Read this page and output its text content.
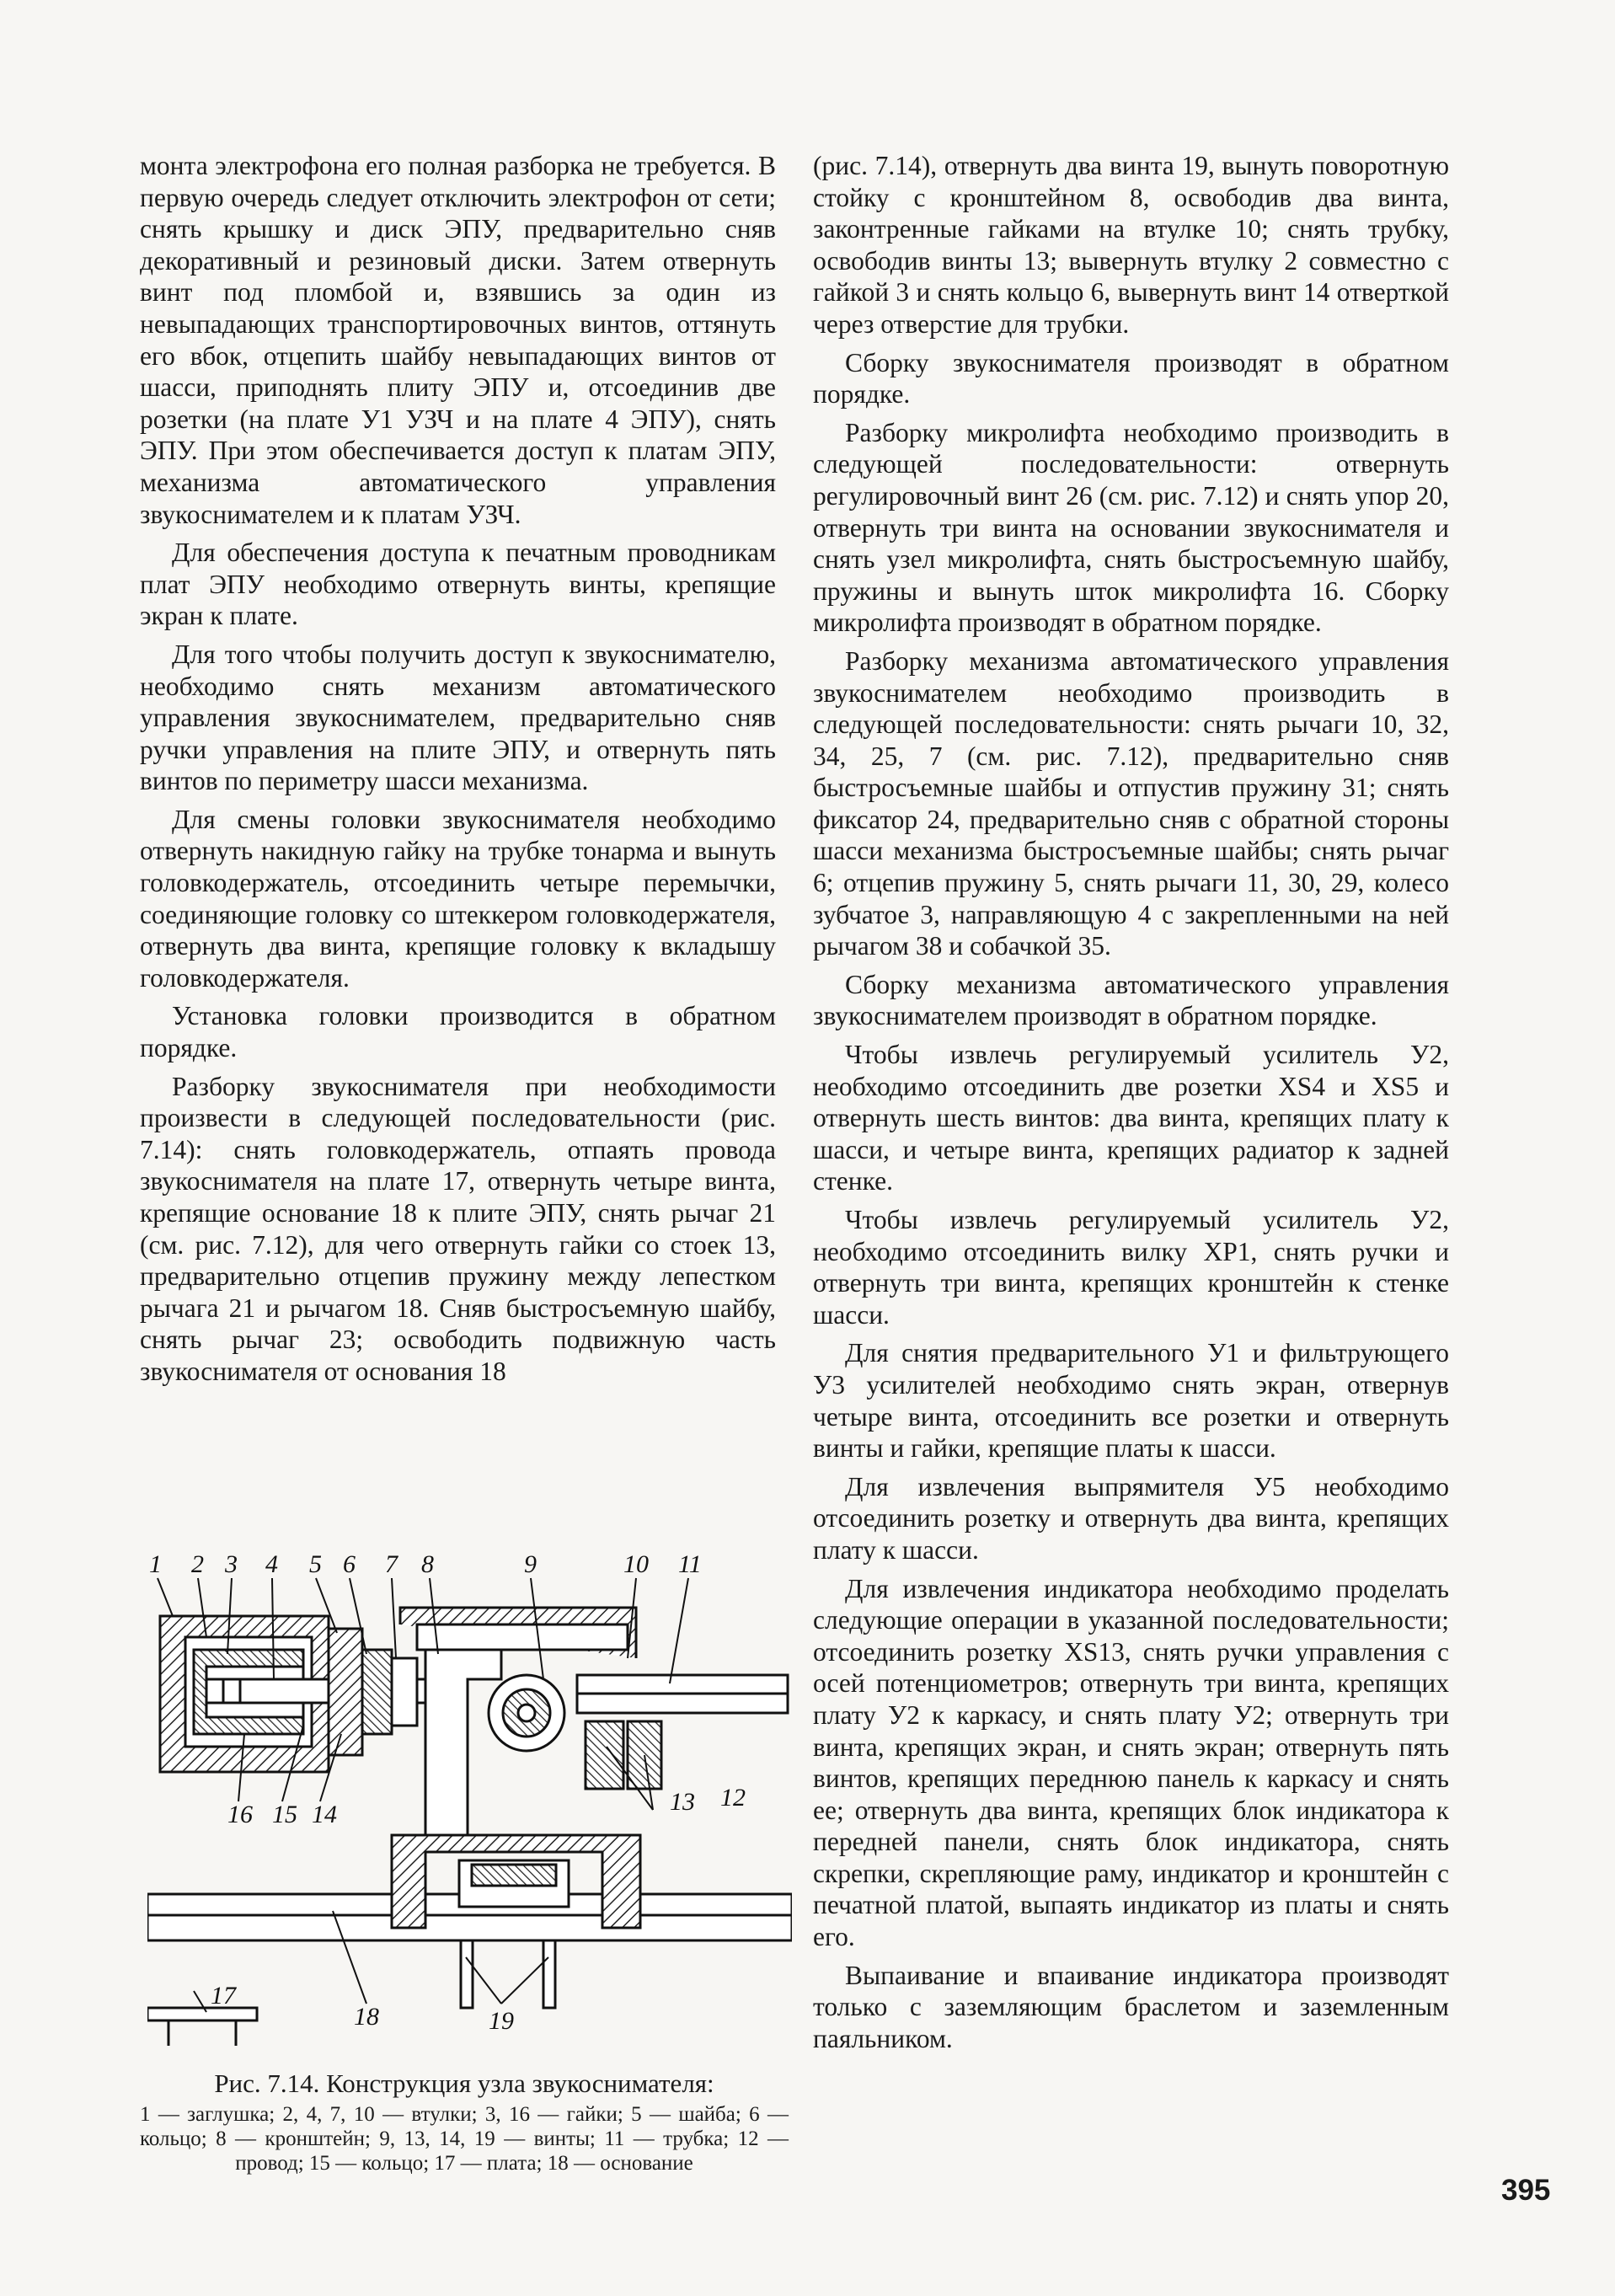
монта электрофона его полная разборка не требуется. В первую очередь следует отключить электрофон от сети; снять крышку и диск ЭПУ, предварительно сняв декоративный и резиновый диски. Затем отвернуть винт под пломбой и, взявшись за один из невыпадающих транспортировочных винтов, оттянуть его вбок, отцепить шайбу невыпадающих винтов от шасси, приподнять плиту ЭПУ и, отсоединив две розетки (на плате У1 УЗЧ и на плате 4 ЭПУ), снять ЭПУ. При этом обеспечивается доступ к платам ЭПУ, механизма автоматического управления звукоснимателем и к платам УЗЧ.

Для обеспечения доступа к печатным проводникам плат ЭПУ необходимо отвернуть винты, крепящие экран к плате.

Для того чтобы получить доступ к звукоснимателю, необходимо снять механизм автоматического управления звукоснимателем, предварительно сняв ручки управления на плите ЭПУ, и отвернуть пять винтов по периметру шасси механизма.

Для смены головки звукоснимателя необходимо отвернуть накидную гайку на трубке тонарма и вынуть головкодержатель, отсоединить четыре перемычки, соединяющие головку со штеккером головкодержателя, отвернуть два винта, крепящие головку к вкладышу головкодержателя.

Установка головки производится в обратном порядке.

Разборку звукоснимателя при необходимости произвести в следующей последовательности (рис. 7.14): снять головкодержатель, отпаять провода звукоснимателя на плате 17, отвернуть четыре винта, крепящие основание 18 к плите ЭПУ, снять рычаг 21 (см. рис. 7.12), для чего отвернуть гайки со стоек 13, предварительно отцепив пружину между лепестком рычага 21 и рычагом 18. Сняв быстросъемную шайбу, снять рычаг 23; освободить подвижную часть звукоснимателя от основания 18

(рис. 7.14), отвернуть два винта 19, вынуть поворотную стойку с кронштейном 8, освободив два винта, законтренные гайками на втулке 10; снять трубку, освободив винты 13; вывернуть втулку 2 совместно с гайкой 3 и снять кольцо 6, вывернуть винт 14 отверткой через отверстие для трубки.

Сборку звукоснимателя производят в обратном порядке.

Разборку микролифта необходимо производить в следующей последовательности: отвернуть регулировочный винт 26 (см. рис. 7.12) и снять упор 20, отвернуть три винта на основании звукоснимателя и снять узел микролифта, снять быстросъемную шайбу, пружины и вынуть шток микролифта 16. Сборку микролифта производят в обратном порядке.

Разборку механизма автоматического управления звукоснимателем необходимо производить в следующей последовательности: снять рычаги 10, 32, 34, 25, 7 (см. рис. 7.12), предварительно сняв быстросъемные шайбы и отпустив пружину 31; снять фиксатор 24, предварительно сняв с обратной стороны шасси механизма быстросъемные шайбы; снять рычаг 6; отцепив пружину 5, снять рычаги 11, 30, 29, колесо зубчатое 3, направляющую 4 с закрепленными на ней рычагом 38 и собачкой 35.

Сборку механизма автоматического управления звукоснимателем производят в обратном порядке.

Чтобы извлечь регулируемый усилитель У2, необходимо отсоединить две розетки XS4 и XS5 и отвернуть шесть винтов: два винта, крепящих плату к шасси, и четыре винта, крепящих радиатор к задней стенке.

Чтобы извлечь регулируемый усилитель У2, необходимо отсоединить вилку XP1, снять ручки и отвернуть три винта, крепящих кронштейн к стенке шасси.

Для снятия предварительного У1 и фильтрующего У3 усилителей необходимо снять экран, отвернув четыре винта, отсоединить все розетки и отвернуть винты и гайки, крепящие платы к шасси.

Для извлечения выпрямителя У5 необходимо отсоединить розетку и отвернуть два винта, крепящих плату к шасси.

Для извлечения индикатора необходимо проделать следующие операции в указанной последовательности; отсоединить розетку XS13, снять ручки управления с осей потенциометров; отвернуть три винта, крепящих плату У2 к каркасу, и снять плату У2; отвернуть три винта, крепящих экран, и снять экран; отвернуть пять винтов, крепящих переднюю панель к каркасу и снять ее; отвернуть два винта, крепящих блок индикатора к передней панели, снять блок индикатора, снять скрепки, скрепляющие раму, индикатор и кронштейн с печатной платой, выпаять индикатор из платы и снять его.

Выпаивание и впаивание индикатора производят только с заземляющим браслетом и заземленным паяльником.

1 2 3 4 5 6 7 8	9	10 11
12
13
14
15
16
17
18	19
Рис. 7.14. Конструкция узла звукоснимателя:
1 — заглушка; 2, 4, 7, 10 — втулки; 3, 16 — гайки; 5 — шайба; 6 — кольцо; 8 — кронштейн; 9, 13, 14, 19 — винты; 11 — трубка; 12 — провод; 15 — кольцо; 17 — плата; 18 — основание
395
